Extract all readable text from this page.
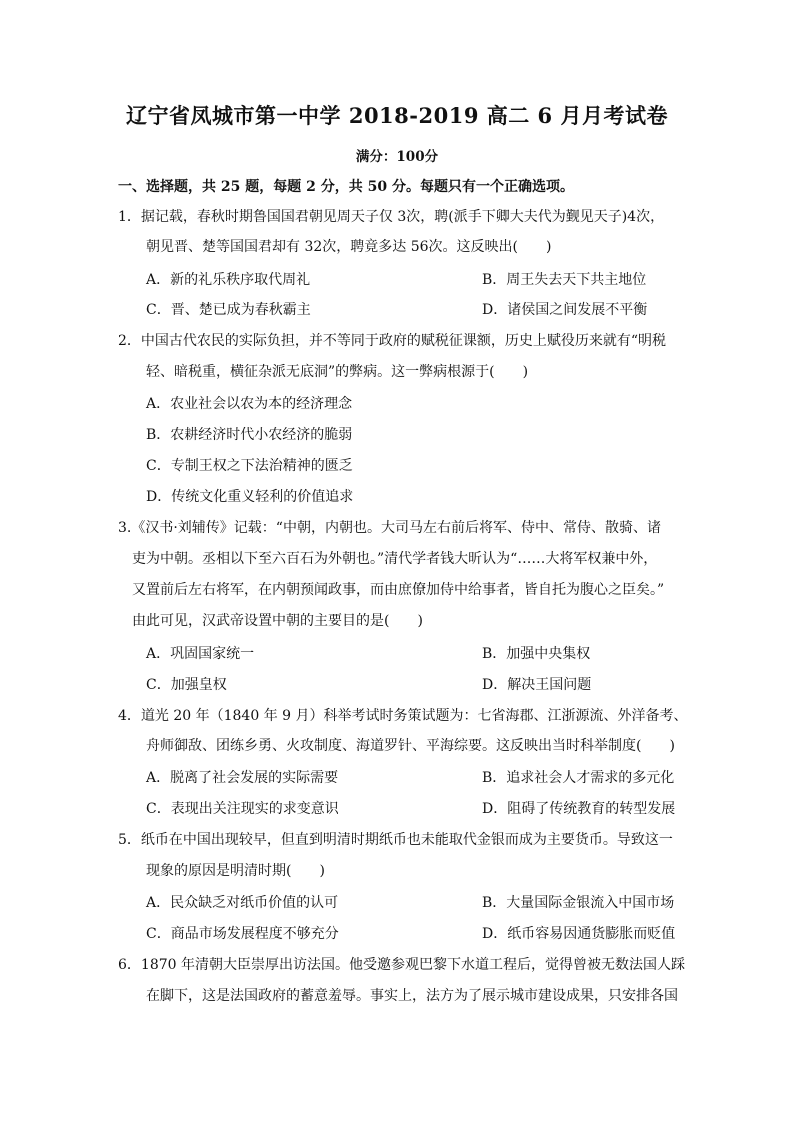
辽宁省凤城市第一中学 2018-2019 高二 6 月月考试卷
满分：100分
一、选择题，共 25 题，每题 2 分，共 50 分。每题只有一个正确选项。
1．据记载，春秋时期鲁国国君朝见周天子仅 3次，聘(派手下卿大夫代为觐见天子)4次，
朝见晋、楚等国国君却有 32次，聘竟多达 56次。这反映出(　　)
A．新的礼乐秩序取代周礼	B．周王失去天下共主地位
C．晋、楚已成为春秋霸主	D．诸侯国之间发展不平衡
2．中国古代农民的实际负担，并不等同于政府的赋税征课额，历史上赋役历来就有“明税
轻、暗税重，横征杂派无底洞”的弊病。这一弊病根源于(　　)
A．农业社会以农为本的经济理念
B．农耕经济时代小农经济的脆弱
C．专制王权之下法治精神的匮乏
D．传统文化重义轻利的价值追求
3.《汉书·刘辅传》记载：“中朝，内朝也。大司马左右前后将军、侍中、常侍、散骑、诸
吏为中朝。丞相以下至六百石为外朝也。”清代学者钱大昕认为“……大将军权兼中外，
又置前后左右将军，在内朝预闻政事，而由庶僚加侍中给事者，皆自托为腹心之臣矣。”
由此可见，汉武帝设置中朝的主要目的是(　　)
A．巩固国家统一	B．加强中央集权
C．加强皇权	D．解决王国问题
4．道光 20 年（1840 年 9 月）科举考试时务策试题为：七省海郡、江浙源流、外洋备考、
舟师御敌、团练乡勇、火攻制度、海道罗针、平海综要。这反映出当时科举制度(　　)
A．脱离了社会发展的实际需要	B．追求社会人才需求的多元化
C．表现出关注现实的求变意识	D．阻碍了传统教育的转型发展
5．纸币在中国出现较早，但直到明清时期纸币也未能取代金银而成为主要货币。导致这一
现象的原因是明清时期(　　)
A．民众缺乏对纸币价值的认可	B．大量国际金银流入中国市场
C．商品市场发展程度不够充分	D．纸币容易因通货膨胀而贬值
6．1870 年清朝大臣崇厚出访法国。他受邀参观巴黎下水道工程后，觉得曾被无数法国人踩
在脚下，这是法国政府的蓄意羞辱。事实上，法方为了展示城市建设成果，只安排各国
